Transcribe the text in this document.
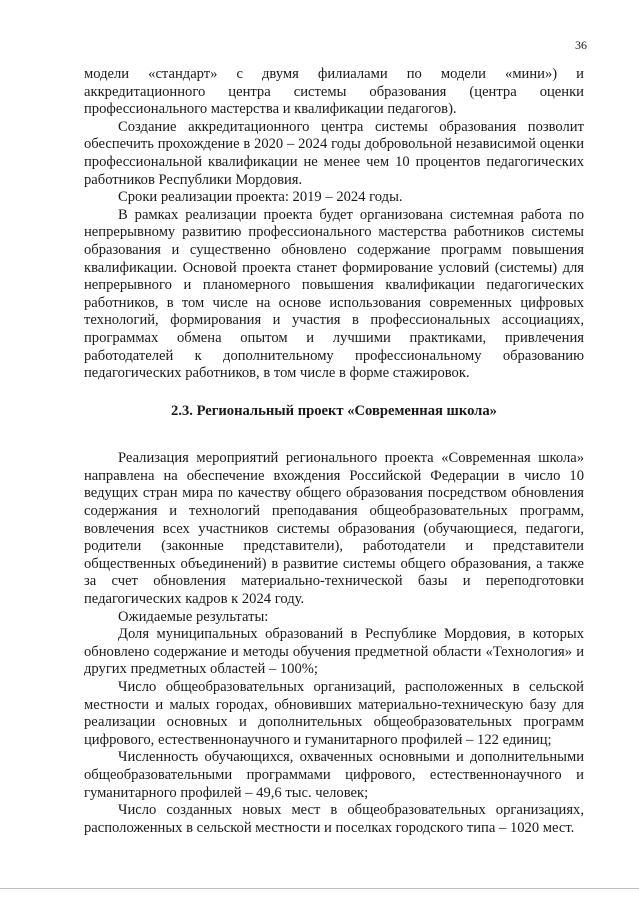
36

модели «стандарт» с двумя филиалами по модели «мини») и аккредитационного центра системы образования (центра оценки профессионального мастерства и квалификации педагогов).

Создание аккредитационного центра системы образования позволит обеспечить прохождение в 2020 – 2024 годы добровольной независимой оценки профессиональной квалификации не менее чем 10 процентов педагогических работников Республики Мордовия.

Сроки реализации проекта: 2019 – 2024 годы.

В рамках реализации проекта будет организована системная работа по непрерывному развитию профессионального мастерства работников системы образования и существенно обновлено содержание программ повышения квалификации. Основой проекта станет формирование условий (системы) для непрерывного и планомерного повышения квалификации педагогических работников, в том числе на основе использования современных цифровых технологий, формирования и участия в профессиональных ассоциациях, программах обмена опытом и лучшими практиками, привлечения работодателей к дополнительному профессиональному образованию педагогических работников, в том числе в форме стажировок.

2.3. Региональный проект «Современная школа»

Реализация мероприятий регионального проекта «Современная школа» направлена на обеспечение вхождения Российской Федерации в число 10 ведущих стран мира по качеству общего образования посредством обновления содержания и технологий преподавания общеобразовательных программ, вовлечения всех участников системы образования (обучающиеся, педагоги, родители (законные представители), работодатели и представители общественных объединений) в развитие системы общего образования, а также за счет обновления материально-технической базы и переподготовки педагогических кадров к 2024 году.

Ожидаемые результаты:

Доля муниципальных образований в Республике Мордовия, в которых обновлено содержание и методы обучения предметной области «Технология» и других предметных областей – 100%;

Число общеобразовательных организаций, расположенных в сельской местности и малых городах, обновивших материально-техническую базу для реализации основных и дополнительных общеобразовательных программ цифрового, естественнонаучного и гуманитарного профилей – 122 единиц;

Численность обучающихся, охваченных основными и дополнительными общеобразовательными программами цифрового, естественнонаучного и гуманитарного профилей – 49,6 тыс. человек;

Число созданных новых мест в общеобразовательных организациях, расположенных в сельской местности и поселках городского типа – 1020 мест.
